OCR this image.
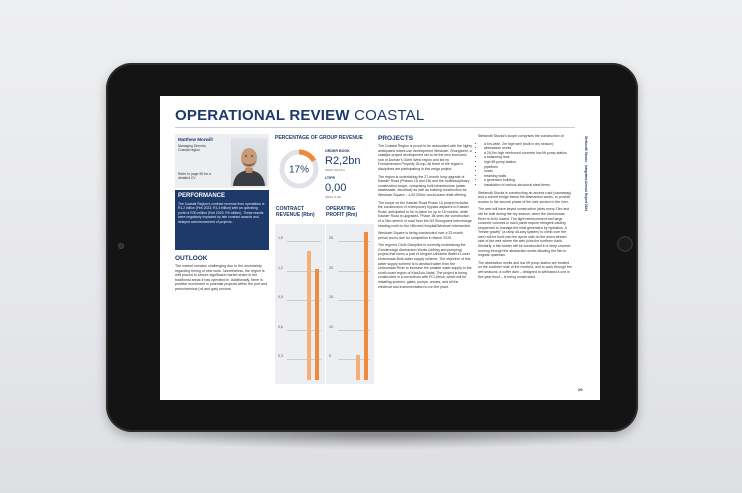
OPERATIONAL REVIEW COASTAL
Stefanutti Stocks · Integrated Annual Report 2024
29
Matthew Morwill
Managing Director, Coastal region
Refer to page 50 for a detailed CV
PERFORMANCE
The Coastal Region's contract revenue from operations is R1,2 billion (Feb 2023: R1,4 billion) with an operating profit of R30 million (Feb 2023: R5 million). These results were negatively impacted by late contract awards and delayed commencement of projects.
OUTLOOK
The market remains challenging due to the uncertainty regarding timing of new work. Nonetheless, the region is well placed to secure significant market share in the traditional areas it has operated in. Additionally, there is positive movement in potential projects within the port and petrochemical (oil and gas) sectors.
PERCENTAGE OF GROUP REVENUE
17%
ORDER BOOK
R2,2bn
(2023: R2,1bn)
LTIFR
0,00
(2023: 0,22)
CONTRACT
REVENUE (Rbn)
OPERATING
PROFIT (Rm)
1,5
1,2
0,9
0,6
0,3
25
20
15
10
5
PROJECTS

The Coastal Region is proud to be associated with the highly anticipated mixed-use development Westown, Shongweni, a catalytic project development set to be the new economic hub of Durban's Outer West region and led by Fundamentum Property Group. All three of the region's disciplines are participating in this mega project.

The region is undertaking the 27-month long upgrade of Kassier Road (Phases 1A and 1B) and the multidisciplinary construction scope, comprising bulk infrastructure (water, wastewater, electrical) as well as building construction for Westown Square – a 50 000m² world-class retail offering.

The scope on the Kassier Road Phase 1A project includes the construction of a temporary bypass adjacent to Kassier Road, anticipated to be in place for up to 15 months, while Kassier Road is upgraded. Phase 1B sees the construction of a 2km stretch of road from the N3 Shongweni Interchange heading north to the Hillcrest Hospital/Westown intersection.

Westown Square is being constructed over a 23-month period and is due for completion in March 2025.

The region's Civils Discipline is currently undertaking the Goodenough Abstraction Works (drilling and pumping) project that forms a part of Umgeni-Uthukela Water's Lower Umkomaas Bulk water supply scheme. The objective of this water supply scheme is to abstract water from the Umkomaas River to increase the potable water supply to the south coast region of KwaZulu-Natal. The project is being constructed in a consortium with PCI Africa, which will be installing screens, gates, pumps, cranes, and all the electrical and instrumentation to run the plant.

Stefanutti Stocks's scope comprises the construction of:

• a 6m-wide, 2m high weir (built in dry season)
• abstraction works
• a 26,5m high reinforced concrete low lift pump station
• a balancing tank
• high lift pump station
• pipelines
• roads
• retaining walls
• a generator building
• installation of various structural steel items

Stefanutti Stocks is constructing an access road (causeway) and a culvert bridge below the abstraction works, to provide access to the second phase of the weir section in the river.

The weir will have keyed construction joints every 15m and will be built during the dry season, when the Umkomaas River is at its lowest. The tight reinforcement and large concrete volumes in each panel require stringent casting sequences to manage the heat generated by hydration. A "trestle gravity" (a ramp all-way system) to climb over the weir) will be built onto the apron slab on the down-stream side of the weir where the weir joins the northern bank. Similarly, a fish ladder will be constructed in a deep channel running through the abstraction works allowing the fish to migrate upstream.

The abstraction works and low lift pump station are located on the southern side of the riverbed, and to work through the wet seasons, a coffer dam – designed to withstand a one in five-year flood – is being constructed.
